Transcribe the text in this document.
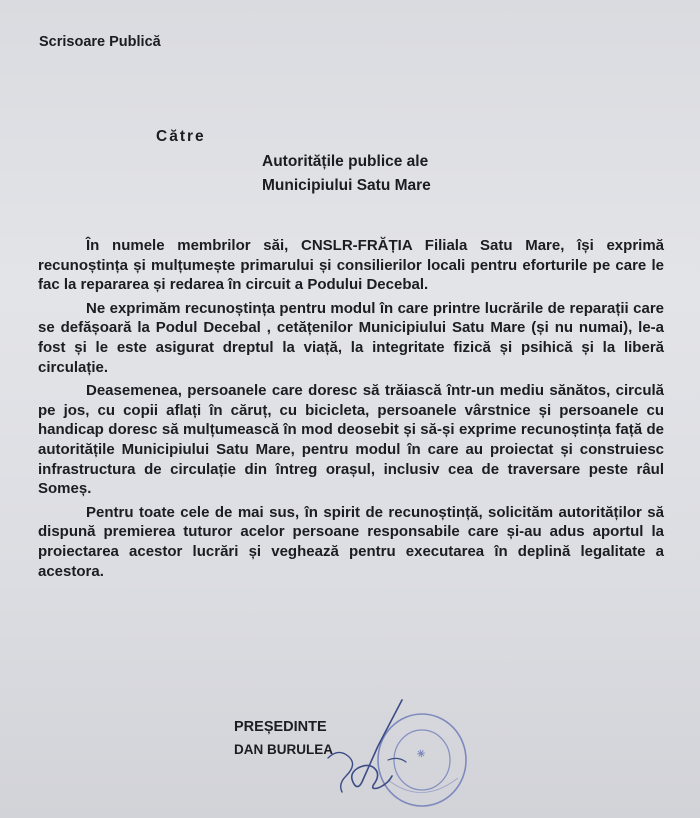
Scrisoare Publică
Către
Autoritățile publice ale
Municipiului Satu Mare

În numele membrilor săi, CNSLR-FRĂȚIA Filiala Satu Mare, își exprimă recunoștința și mulțumește primarului și consilierilor locali pentru eforturile pe care le fac la repararea și redarea în circuit a Podului Decebal.

Ne exprimăm recunoștința pentru modul în care printre lucrările de reparații care se defășoară la Podul Decebal , cetățenilor Municipiului Satu Mare (și nu numai), le-a fost și le este asigurat dreptul la viață, la integritate fizică și psihică și la liberă circulație.

Deasemenea, persoanele care doresc să trăiască într-un mediu sănătos, circulă pe jos, cu copii aflați în căruț, cu bicicleta, persoanele vârstnice și persoanele cu handicap doresc să mulțumească în mod deosebit și să-și exprime recunoștința față de autoritățile Municipiului Satu Mare, pentru modul în care au proiectat și construiesc infrastructura de circulație din întreg orașul, inclusiv cea de traversare peste râul Someș.

Pentru toate cele de mai sus, în spirit de recunoștință, solicităm autorităților să dispună premierea tuturor acelor persoane responsabile care și-au adus aportul la proiectarea acestor lucrări și veghează pentru executarea în deplină legalitate a acestora.

PREȘEDINTE
DAN BURULEA	✳
